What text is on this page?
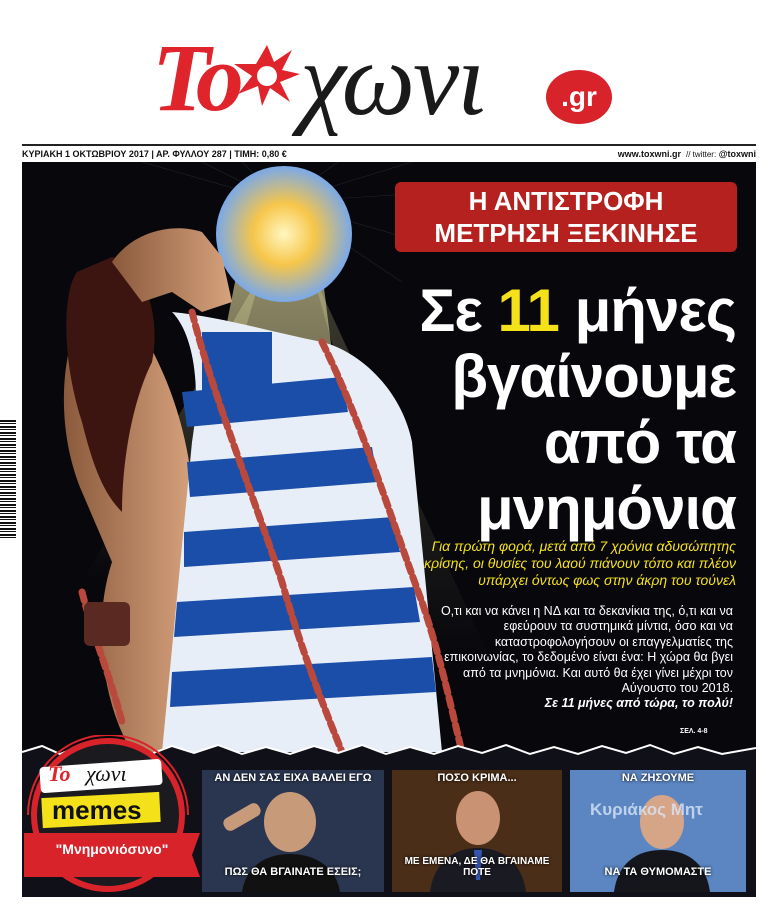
Το χωνι	.gr
ΚΥΡΙΑΚΗ 1 ΟΚΤΩΒΡΙΟΥ 2017 | ΑΡ. ΦΥΛΛΟΥ 287 | ΤΙΜΗ: 0,80 €	www.toxwni.gr // twitter: @toxwni
Η ΑΝΤΙΣΤΡΟΦΗ
ΜΕΤΡΗΣΗ ΞΕΚΙΝΗΣΕ
Σε 11 μήνες
βγαίνουμε
από τα
μνημόνια
Για πρώτη φορά, μετά από 7 χρόνια αδυσώπητης κρίσης, οι θυσίες του λαού πιάνουν τόπο και πλέον υπάρχει όντως φως στην άκρη του τούνελ
Ο,τι και να κάνει η ΝΔ και τα δεκανίκια της, ό,τι και να εφεύρουν τα συστημικά μίντια, όσο και να καταστροφολογήσουν οι επαγγελματίες της επικοινωνίας, το δεδομένο είναι ένα: Η χώρα θα βγει από τα μνημόνια. Και αυτό θα έχει γίνει μέχρι τον Αύγουστο του 2018.
Σε 11 μήνες από τώρα, το πολύ!
ΣΕΛ. 4-8
Το χωνι
memes
"Μνημονιόσυνο"
ΑΝ ΔΕΝ ΣΑΣ ΕΙΧΑ ΒΑΛΕΙ ΕΓΩ
ΠΩΣ ΘΑ ΒΓΑΙΝΑΤΕ ΕΣΕΙΣ;
ΠΟΣΟ ΚΡΙΜΑ...
ΜΕ ΕΜΕΝΑ, ΔΕ ΘΑ ΒΓΑΙΝΑΜΕ ΠΟΤΕ
Κυριάκος Μητ
ΝΑ ΖΗΣΟΥΜΕ
ΝΑ ΤΑ ΘΥΜΟΜΑΣΤΕ
